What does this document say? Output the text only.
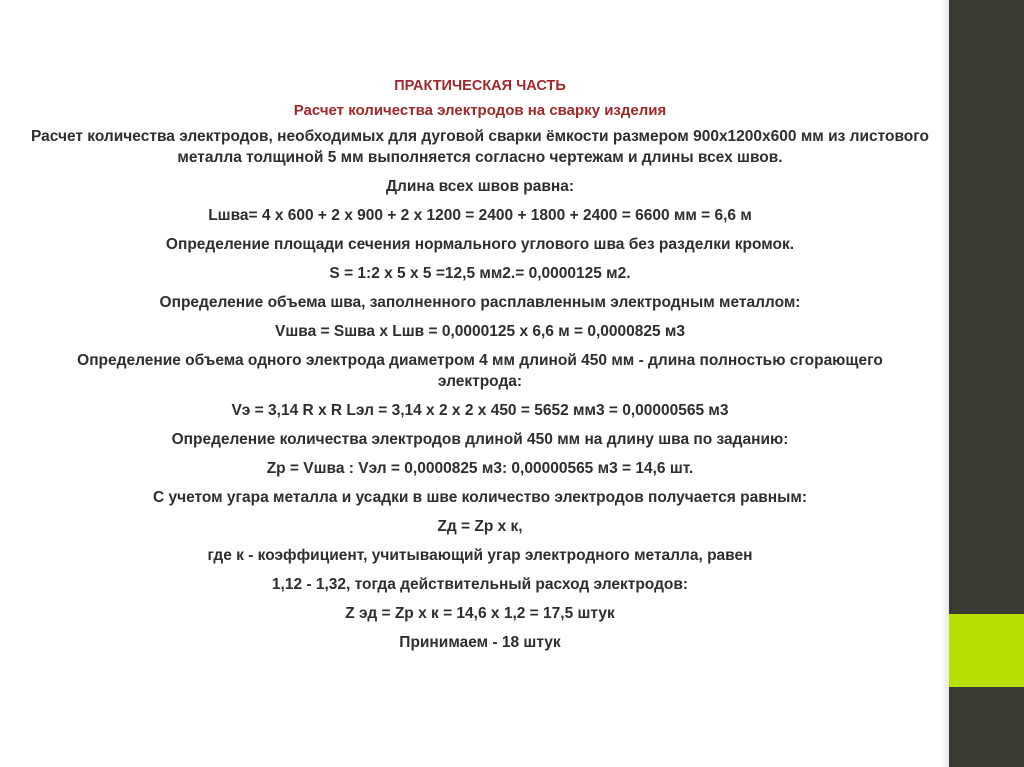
ПРАКТИЧЕСКАЯ ЧАСТЬ
Расчет количества электродов на сварку изделия
Расчет количества электродов, необходимых для дуговой сварки ёмкости размером 900х1200х600 мм из листового металла толщиной 5 мм выполняется согласно чертежам и длины всех швов.
Длина всех швов равна:
Lшва= 4 х 600 + 2 х 900 + 2 х 1200 = 2400 + 1800 + 2400 = 6600 мм = 6,6 м
Определение площади сечения нормального углового шва без разделки кромок.
S = 1:2 х 5 х 5 =12,5 мм2.= 0,0000125 м2.
Определение объема шва, заполненного расплавленным электродным металлом:
Vшва = Sшва х Lшв = 0,0000125 х 6,6 м = 0,0000825 м3
Определение объема одного электрода диаметром 4 мм длиной 450 мм - длина полностью сгорающего электрода:
Vэ = 3,14 R х R Lэл = 3,14 х 2 х 2 х 450 = 5652 мм3 = 0,00000565 м3
Определение количества электродов длиной 450 мм на длину шва по заданию:
Zр = Vшва : Vэл = 0,0000825 м3: 0,00000565 м3 = 14,6 шт.
С учетом угара металла и усадки в шве количество электродов получается равным:
Zд = Zр х к,
где к - коэффициент, учитывающий угар электродного металла, равен
1,12 - 1,32, тогда действительный расход электродов:
Z эд = Zр х к = 14,6 х 1,2 = 17,5 штук
Принимаем - 18 штук
